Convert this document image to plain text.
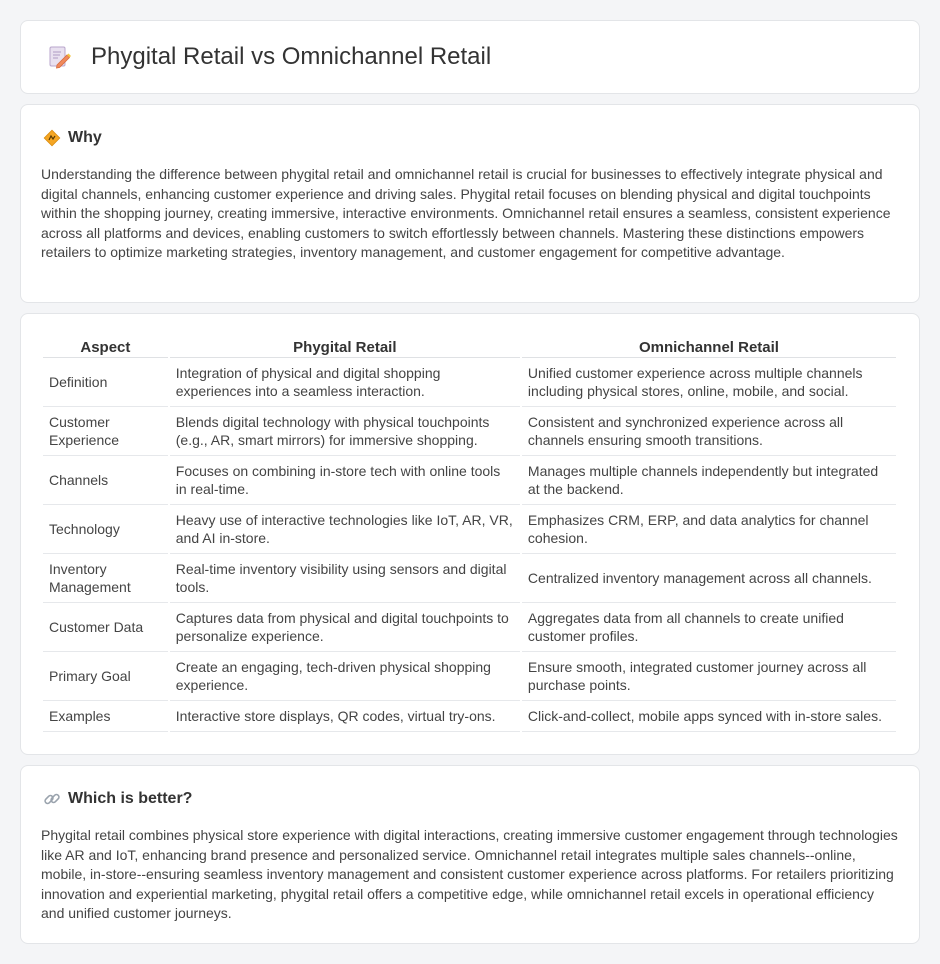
Phygital Retail vs Omnichannel Retail
Why

Understanding the difference between phygital retail and omnichannel retail is crucial for businesses to effectively integrate physical and digital channels, enhancing customer experience and driving sales. Phygital retail focuses on blending physical and digital touchpoints within the shopping journey, creating immersive, interactive environments. Omnichannel retail ensures a seamless, consistent experience across all platforms and devices, enabling customers to switch effortlessly between channels. Mastering these distinctions empowers retailers to optimize marketing strategies, inventory management, and customer engagement for competitive advantage.

Aspect	Phygital Retail	Omnichannel Retail
Definition	Integration of physical and digital shopping experiences into a seamless interaction.	Unified customer experience across multiple channels including physical stores, online, mobile, and social.
Customer Experience	Blends digital technology with physical touchpoints (e.g., AR, smart mirrors) for immersive shopping.	Consistent and synchronized experience across all channels ensuring smooth transitions.
Channels	Focuses on combining in-store tech with online tools in real-time.	Manages multiple channels independently but integrated at the backend.
Technology	Heavy use of interactive technologies like IoT, AR, VR, and AI in-store.	Emphasizes CRM, ERP, and data analytics for channel cohesion.
Inventory Management	Real-time inventory visibility using sensors and digital tools.	Centralized inventory management across all channels.
Customer Data	Captures data from physical and digital touchpoints to personalize experience.	Aggregates data from all channels to create unified customer profiles.
Primary Goal	Create an engaging, tech-driven physical shopping experience.	Ensure smooth, integrated customer journey across all purchase points.
Examples	Interactive store displays, QR codes, virtual try-ons.	Click-and-collect, mobile apps synced with in-store sales.
Which is better?

Phygital retail combines physical store experience with digital interactions, creating immersive customer engagement through technologies like AR and IoT, enhancing brand presence and personalized service. Omnichannel retail integrates multiple sales channels--online, mobile, in-store--ensuring seamless inventory management and consistent customer experience across platforms. For retailers prioritizing innovation and experiential marketing, phygital retail offers a competitive edge, while omnichannel retail excels in operational efficiency and unified customer journeys.
